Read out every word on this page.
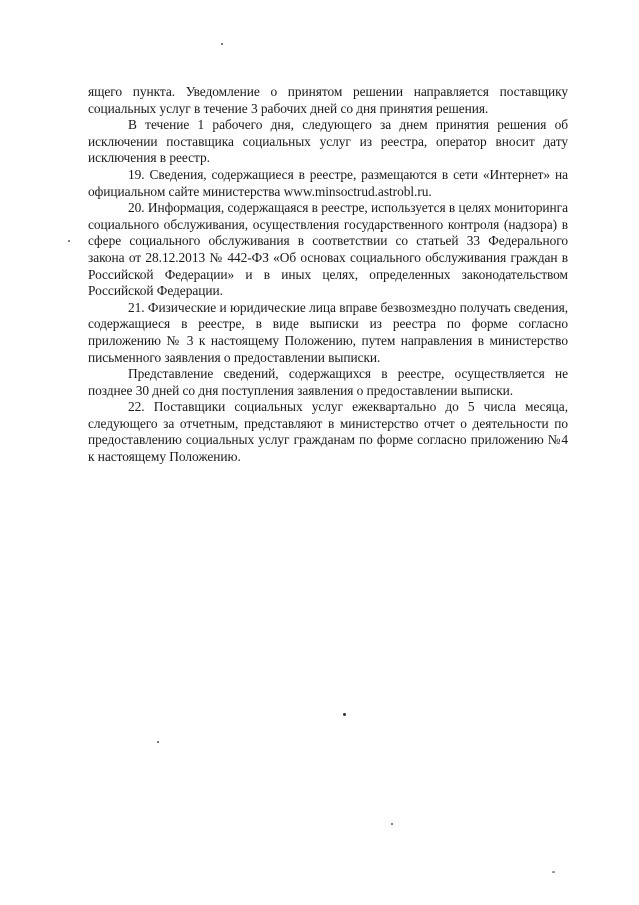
ящего пункта. Уведомление о принятом решении направляется поставщику социальных услуг в течение 3 рабочих дней со дня принятия решения.

В течение 1 рабочего дня, следующего за днем принятия решения об исключении поставщика социальных услуг из реестра, оператор вносит дату исключения в реестр.

19. Сведения, содержащиеся в реестре, размещаются в сети «Интернет» на официальном сайте министерства www.minsoctrud.astrobl.ru.

20. Информация, содержащаяся в реестре, используется в целях мониторинга социального обслуживания, осуществления государственного контроля (надзора) в сфере социального обслуживания в соответствии со статьей 33 Федерального закона от 28.12.2013 № 442-ФЗ «Об основах социального обслуживания граждан в Российской Федерации» и в иных целях, определенных законодательством Российской Федерации.

21. Физические и юридические лица вправе безвозмездно получать сведения, содержащиеся в реестре, в виде выписки из реестра по форме согласно приложению № 3 к настоящему Положению, путем направления в министерство письменного заявления о предоставлении выписки.

Представление сведений, содержащихся в реестре, осуществляется не позднее 30 дней со дня поступления заявления о предоставлении выписки.

22. Поставщики социальных услуг ежеквартально до 5 числа месяца, следующего за отчетным, представляют в министерство отчет о деятельности по предоставлению социальных услуг гражданам по форме согласно приложению №4 к настоящему Положению.
